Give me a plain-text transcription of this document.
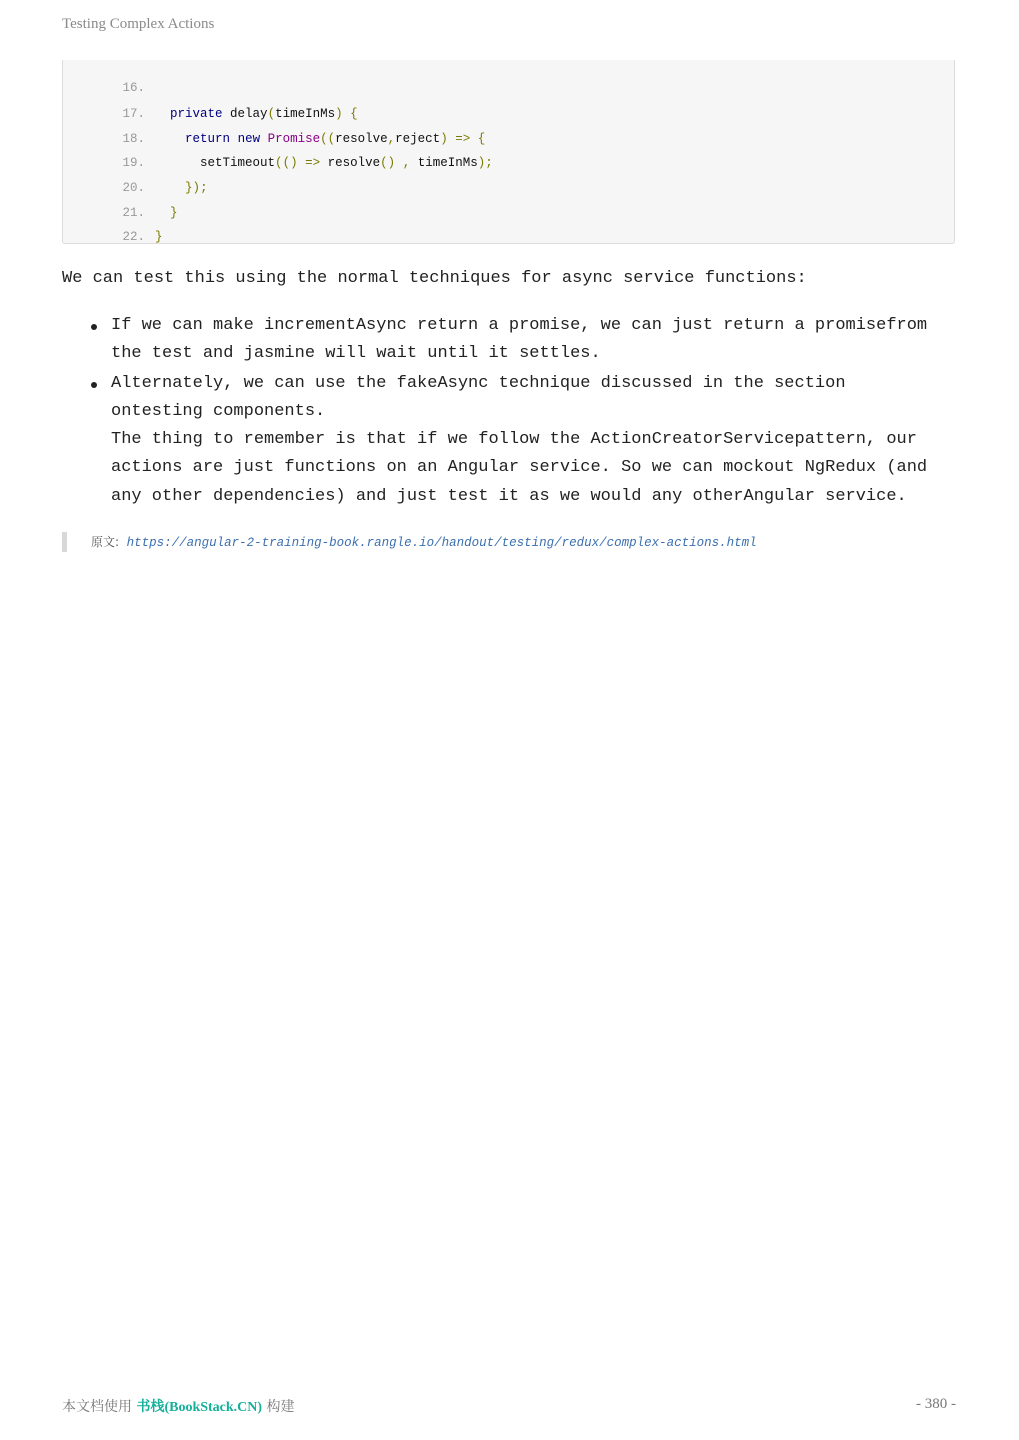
Testing Complex Actions

16.

17. private delay(timeInMs) {

18.	return new Promise((resolve,reject) => {

19.      setTimeout(() => resolve() , timeInMs);

20.	});

21. }

22. }

We can test this using the normal techniques for async service functions:
If we can make incrementAsync return a promise, we can just return a promisefrom
the test and jasmine will wait until it settles.
Alternately, we can use the fakeAsync technique discussed in the section
ontesting components.
The thing to remember is that if we follow the ActionCreatorServicepattern, our
actions are just functions on an Angular service. So we can mockout NgRedux (and
any other dependencies) and just test it as we would any otherAngular service.
原文: https://angular-2-training-book.rangle.io/handout/testing/redux/complex-actions.html
本文档使用 书栈(BookStack.CN) 构建	- 380 -
